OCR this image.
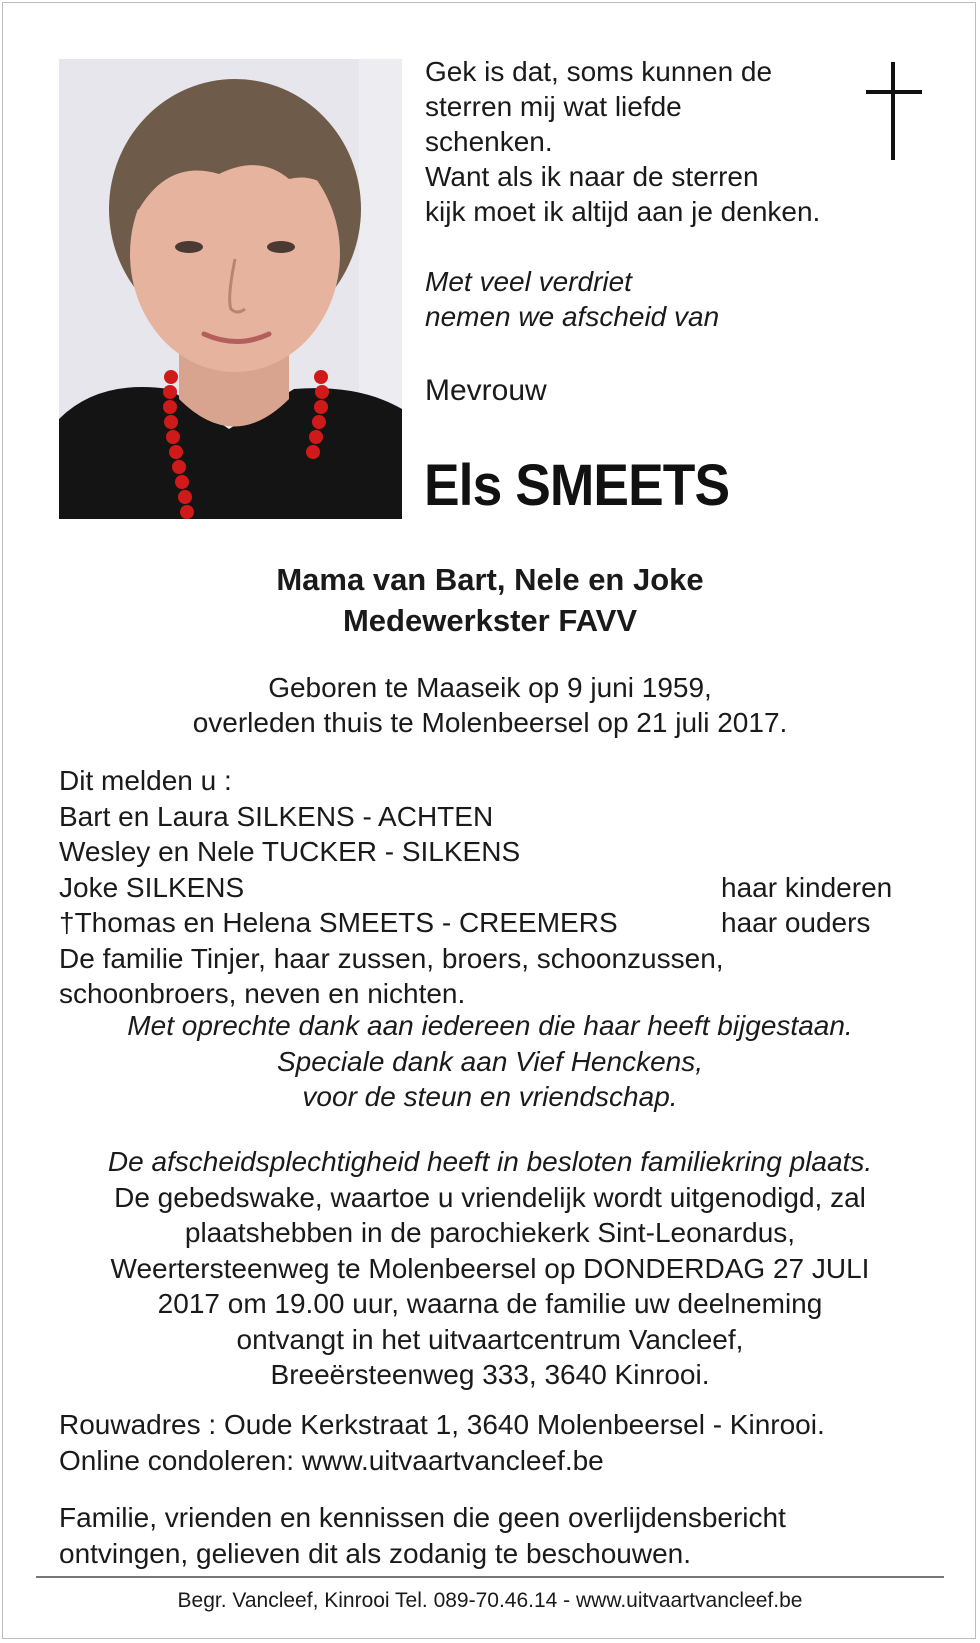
Gek is dat, soms kunnen de
sterren mij wat liefde
schenken.
Want als ik naar de sterren
kijk moet ik altijd aan je denken.
Met veel verdriet
nemen we afscheid van
Mevrouw
Els SMEETS
Mama van Bart, Nele en Joke
Medewerkster FAVV
Geboren te Maaseik op 9 juni 1959,
overleden thuis te Molenbeersel op 21 juli 2017.
Dit melden u :
Bart en Laura SILKENS - ACHTEN
Wesley en Nele TUCKER - SILKENS
Joke SILKENS	haar kinderen
†Thomas en Helena SMEETS - CREEMERS	haar ouders
De familie Tinjer, haar zussen, broers, schoonzussen,
schoonbroers, neven en nichten.
Met oprechte dank aan iedereen die haar heeft bijgestaan.
Speciale dank aan Vief Henckens,
voor de steun en vriendschap.
De afscheidsplechtigheid heeft in besloten familiekring plaats.
De gebedswake, waartoe u vriendelijk wordt uitgenodigd, zal
plaatshebben in de parochiekerk Sint-Leonardus,
Weertersteenweg te Molenbeersel op DONDERDAG 27 JULI
2017 om 19.00 uur, waarna de familie uw deelneming
ontvangt in het uitvaartcentrum Vancleef,
Breeërsteenweg 333, 3640 Kinrooi.
Rouwadres : Oude Kerkstraat 1, 3640 Molenbeersel - Kinrooi.
Online condoleren: www.uitvaartvancleef.be
Familie, vrienden en kennissen die geen overlijdensbericht
ontvingen, gelieven dit als zodanig te beschouwen.
Begr. Vancleef, Kinrooi Tel. 089-70.46.14 - www.uitvaartvancleef.be
